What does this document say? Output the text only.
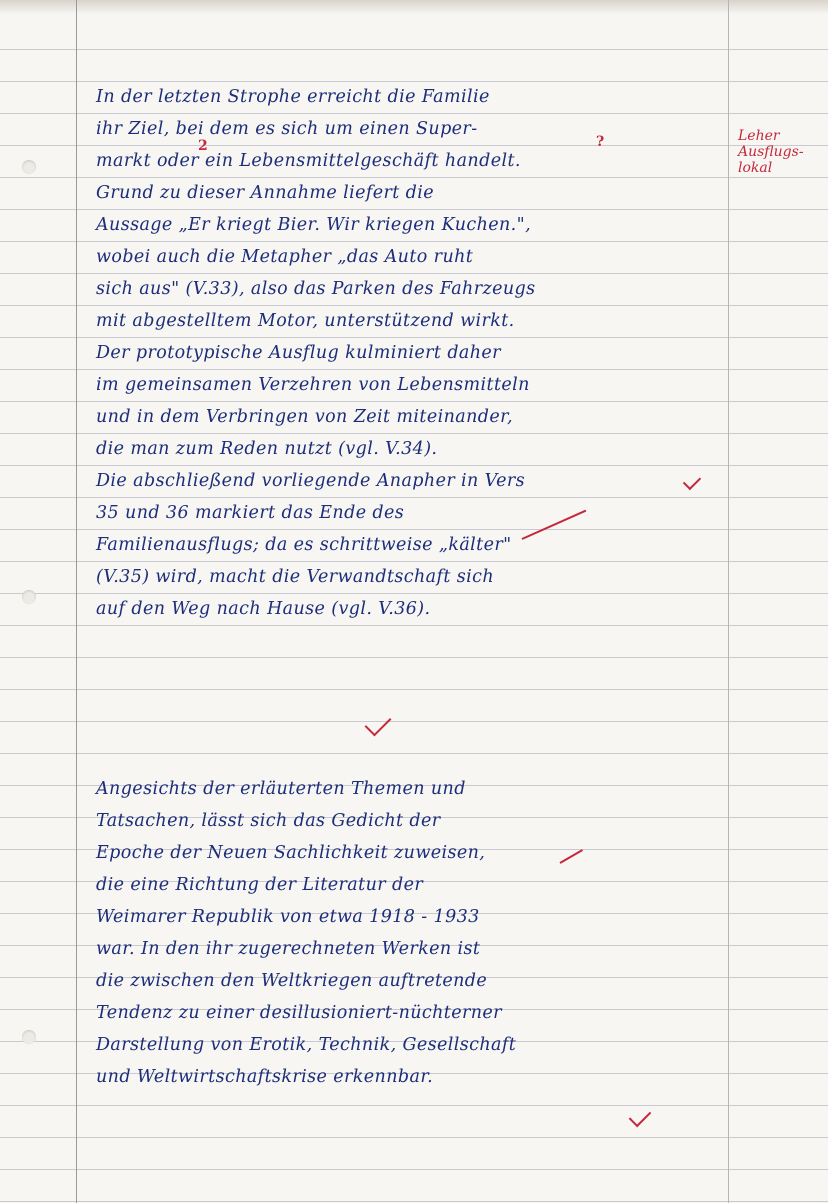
In der letzten Strophe erreicht die Familie
ihr Ziel, bei dem es sich um einen Super-
markt oder ein Lebensmittelgeschäft handelt.
Grund zu dieser Annahme liefert die
Aussage „Er kriegt Bier. Wir kriegen Kuchen.",
wobei auch die Metapher „das Auto ruht
sich aus" (V.33), also das Parken des Fahrzeugs
mit abgestelltem Motor, unterstützend wirkt.
Der prototypische Ausflug kulminiert daher
im gemeinsamen Verzehren von Lebensmitteln
und in dem Verbringen von Zeit miteinander,
die man zum Reden nutzt (vgl. V.34).
Die abschließend vorliegende Anapher in Vers
35 und 36 markiert das Ende des
Familienausflugs; da es schrittweise „kälter"
(V.35) wird, macht die Verwandtschaft sich
auf den Weg nach Hause (vgl. V.36).
Angesichts der erläuterten Themen und
Tatsachen, lässt sich das Gedicht der
Epoche der Neuen Sachlichkeit zuweisen,
die eine Richtung der Literatur der
Weimarer Republik von etwa 1918 - 1933
war. In den ihr zugerechneten Werken ist
die zwischen den Weltkriegen auftretende
Tendenz zu einer desillusioniert-nüchterner
Darstellung von Erotik, Technik, Gesellschaft
und Weltwirtschaftskrise erkennbar.
Leher
Ausflugs-
lokal
2	?
